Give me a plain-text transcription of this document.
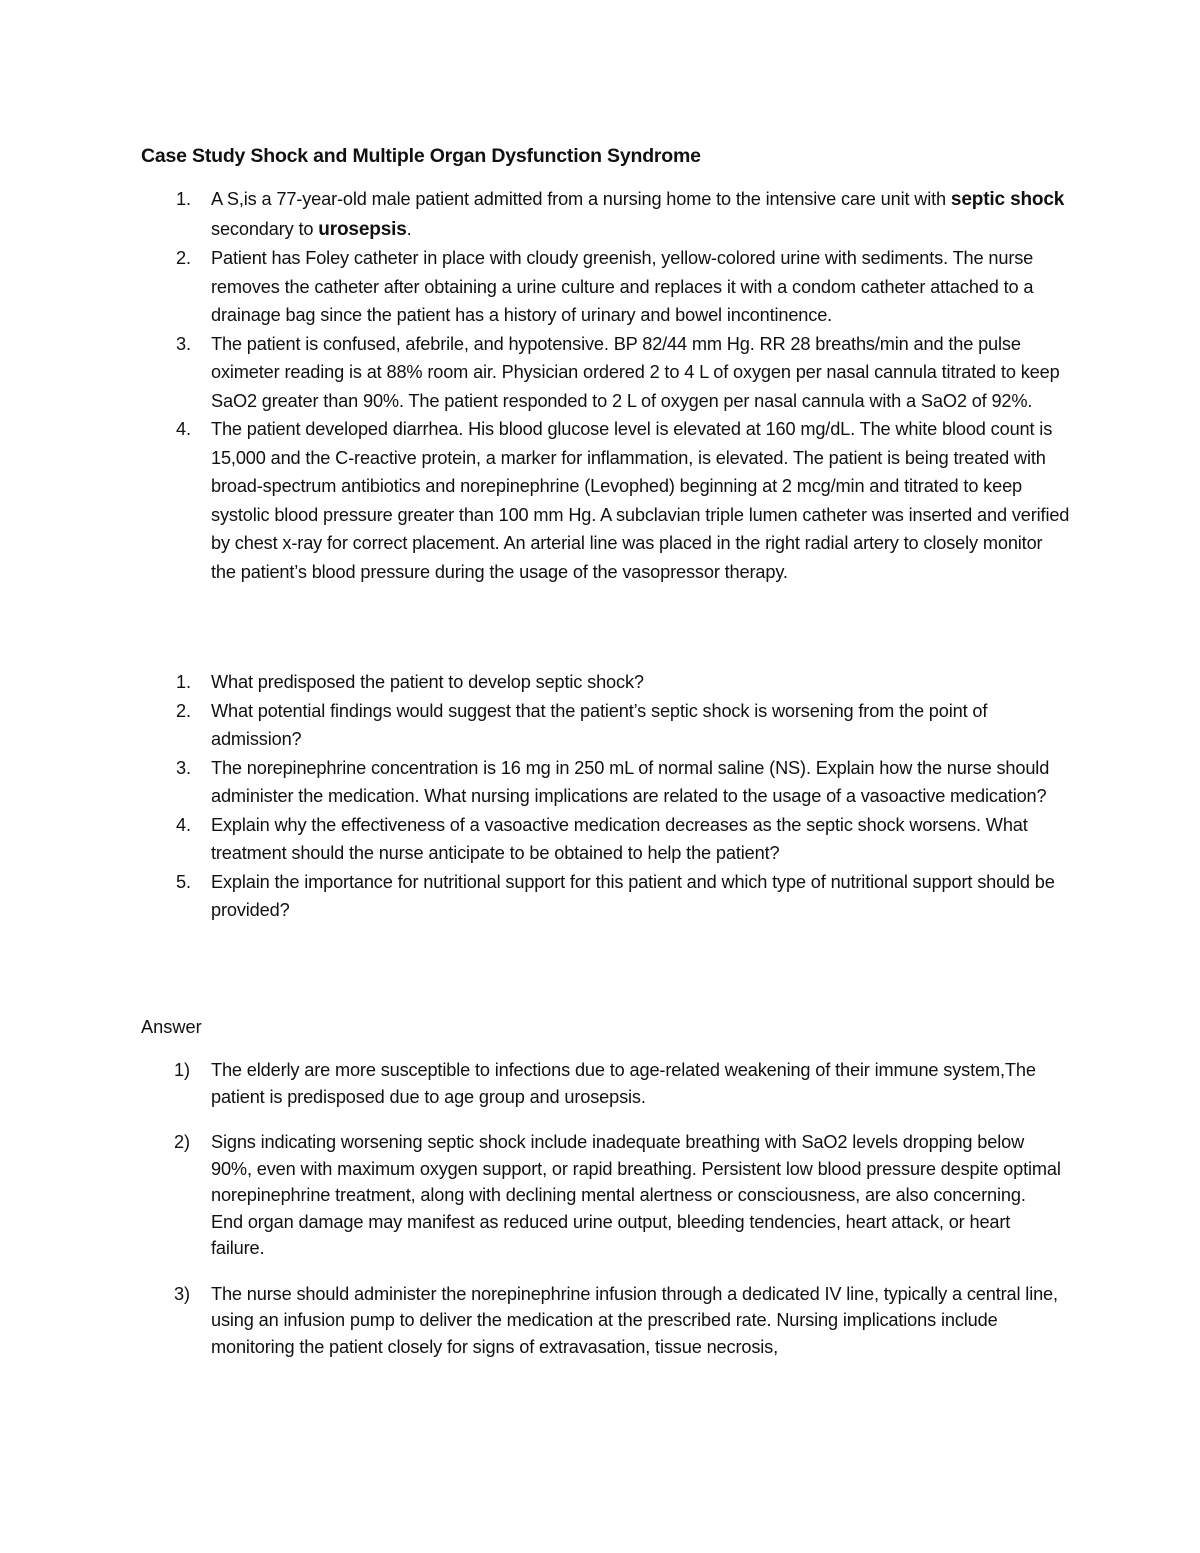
Case Study Shock and Multiple Organ Dysfunction Syndrome
1. A S,is a 77-year-old male patient admitted from a nursing home to the intensive care unit with septic shock secondary to urosepsis.
2. Patient has Foley catheter in place with cloudy greenish, yellow-colored urine with sediments. The nurse removes the catheter after obtaining a urine culture and replaces it with a condom catheter attached to a drainage bag since the patient has a history of urinary and bowel incontinence.
3. The patient is confused, afebrile, and hypotensive. BP 82/44 mm Hg. RR 28 breaths/min and the pulse oximeter reading is at 88% room air. Physician ordered 2 to 4 L of oxygen per nasal cannula titrated to keep SaO2 greater than 90%. The patient responded to 2 L of oxygen per nasal cannula with a SaO2 of 92%.
4. The patient developed diarrhea. His blood glucose level is elevated at 160 mg/dL. The white blood count is 15,000 and the C-reactive protein, a marker for inflammation, is elevated. The patient is being treated with broad-spectrum antibiotics and norepinephrine (Levophed) beginning at 2 mcg/min and titrated to keep systolic blood pressure greater than 100 mm Hg. A subclavian triple lumen catheter was inserted and verified by chest x-ray for correct placement. An arterial line was placed in the right radial artery to closely monitor the patient’s blood pressure during the usage of the vasopressor therapy.
1. What predisposed the patient to develop septic shock?
2. What potential findings would suggest that the patient’s septic shock is worsening from the point of admission?
3. The norepinephrine concentration is 16 mg in 250 mL of normal saline (NS). Explain how the nurse should administer the medication. What nursing implications are related to the usage of a vasoactive medication?
4. Explain why the effectiveness of a vasoactive medication decreases as the septic shock worsens. What treatment should the nurse anticipate to be obtained to help the patient?
5. Explain the importance for nutritional support for this patient and which type of nutritional support should be provided?
Answer
1) The elderly are more susceptible to infections due to age-related weakening of their immune system,The patient is predisposed due to age group and urosepsis.
2) Signs indicating worsening septic shock include inadequate breathing with SaO2 levels dropping below 90%, even with maximum oxygen support, or rapid breathing. Persistent low blood pressure despite optimal norepinephrine treatment, along with declining mental alertness or consciousness, are also concerning. End organ damage may manifest as reduced urine output, bleeding tendencies, heart attack, or heart failure.
3) The nurse should administer the norepinephrine infusion through a dedicated IV line, typically a central line, using an infusion pump to deliver the medication at the prescribed rate. Nursing implications include monitoring the patient closely for signs of extravasation, tissue necrosis,
